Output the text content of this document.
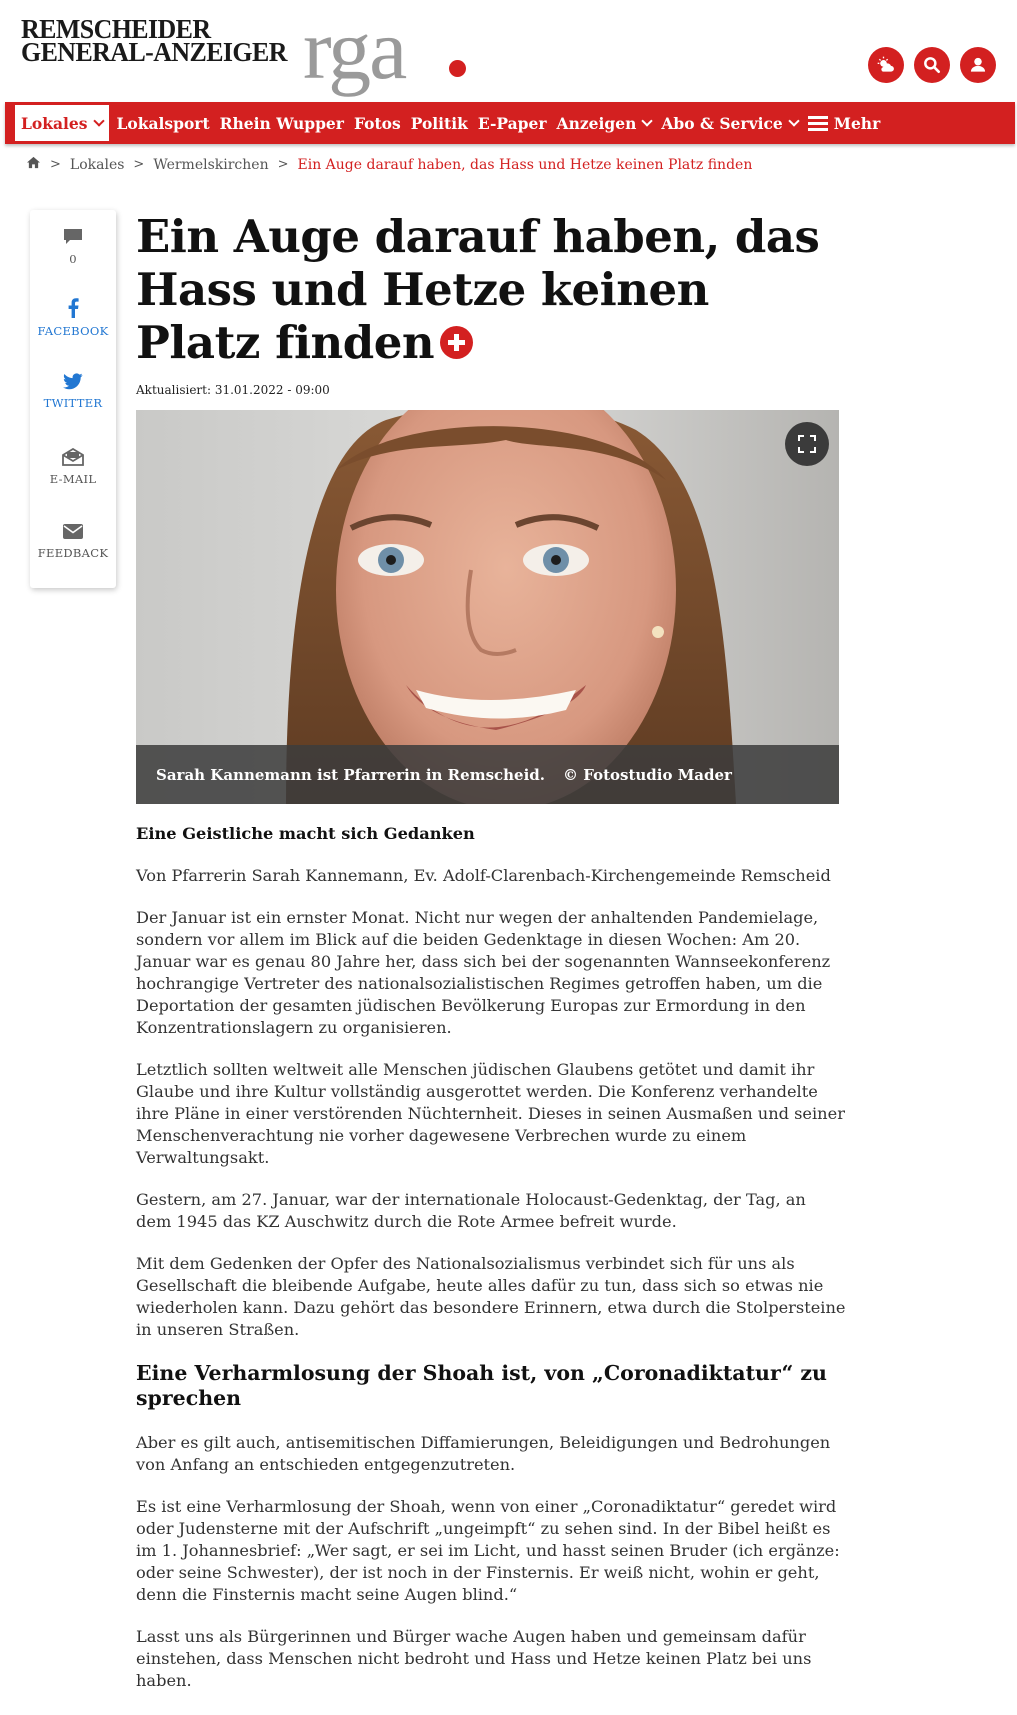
REMSCHEIDER
GENERAL-ANZEIGER rga
Lokales	Lokalsport Rhein Wupper Fotos Politik E-Paper Anzeigen Abo & Service	Mehr
> Lokales > Wermelskirchen > Ein Auge darauf haben, das Hass und Hetze keinen Platz finden
0
FACEBOOK
TWITTER
E-MAIL
FEEDBACK
Ein Auge darauf haben, das Hass und Hetze keinen Platz finden
Aktualisiert: 31.01.2022 - 09:00
Sarah Kannemann ist Pfarrerin in Remscheid. © Fotostudio Mader

Eine Geistliche macht sich Gedanken

Von Pfarrerin Sarah Kannemann, Ev. Adolf-Clarenbach-Kirchengemeinde Remscheid

Der Januar ist ein ernster Monat. Nicht nur wegen der anhaltenden Pandemielage, sondern vor allem im Blick auf die beiden Gedenktage in diesen Wochen: Am 20. Januar war es genau 80 Jahre her, dass sich bei der sogenannten Wannseekonferenz hochrangige Vertreter des nationalsozialistischen Regimes getroffen haben, um die Deportation der gesamten jüdischen Bevölkerung Europas zur Ermordung in den Konzentrationslagern zu organisieren.

Letztlich sollten weltweit alle Menschen jüdischen Glaubens getötet und damit ihr Glaube und ihre Kultur vollständig ausgerottet werden. Die Konferenz verhandelte ihre Pläne in einer verstörenden Nüchternheit. Dieses in seinen Ausmaßen und seiner Menschenverachtung nie vorher dagewesene Verbrechen wurde zu einem Verwaltungsakt.

Gestern, am 27. Januar, war der internationale Holocaust-Gedenktag, der Tag, an dem 1945 das KZ Auschwitz durch die Rote Armee befreit wurde.

Mit dem Gedenken der Opfer des Nationalsozialismus verbindet sich für uns als Gesellschaft die bleibende Aufgabe, heute alles dafür zu tun, dass sich so etwas nie wiederholen kann. Dazu gehört das besondere Erinnern, etwa durch die Stolpersteine in unseren Straßen.

Eine Verharmlosung der Shoah ist, von „Coronadiktatur“ zu sprechen

Aber es gilt auch, antisemitischen Diffamierungen, Beleidigungen und Bedrohungen von Anfang an entschieden entgegenzutreten.

Es ist eine Verharmlosung der Shoah, wenn von einer „Coronadiktatur“ geredet wird oder Judensterne mit der Aufschrift „ungeimpft“ zu sehen sind. In der Bibel heißt es im 1. Johannesbrief: „Wer sagt, er sei im Licht, und hasst seinen Bruder (ich ergänze: oder seine Schwester), der ist noch in der Finsternis. Er weiß nicht, wohin er geht, denn die Finsternis macht seine Augen blind.“

Lasst uns als Bürgerinnen und Bürger wache Augen haben und gemeinsam dafür einstehen, dass Menschen nicht bedroht und Hass und Hetze keinen Platz bei uns haben.
